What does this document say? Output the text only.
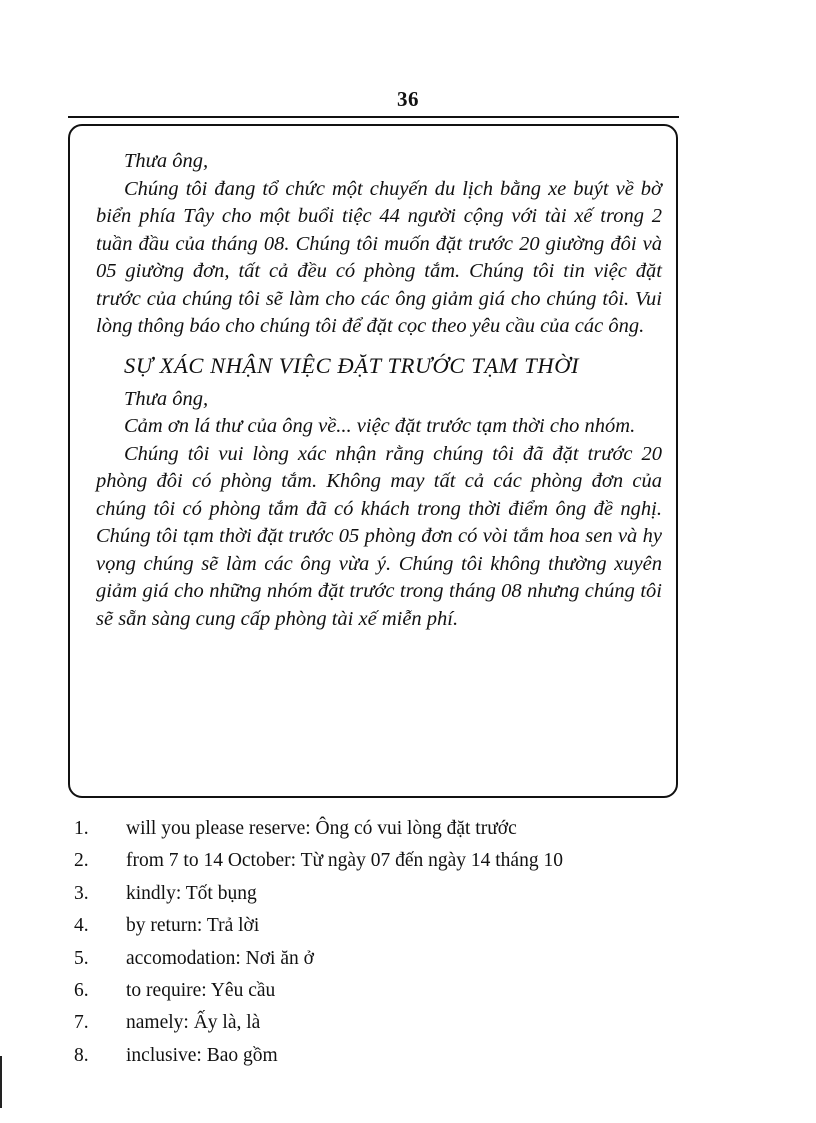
36

Thưa ông,

Chúng tôi đang tổ chức một chuyến du lịch bằng xe buýt về bờ biển phía Tây cho một buổi tiệc 44 người cộng với tài xế trong 2 tuần đầu của tháng 08. Chúng tôi muốn đặt trước 20 giường đôi và 05 giường đơn, tất cả đều có phòng tắm. Chúng tôi tin việc đặt trước của chúng tôi sẽ làm cho các ông giảm giá cho chúng tôi. Vui lòng thông báo cho chúng tôi để đặt cọc theo yêu cầu của các ông.

SỰ XÁC NHẬN VIỆC ĐẶT TRƯỚC TẠM THỜI

Thưa ông,

Cảm ơn lá thư của ông về... việc đặt trước tạm thời cho nhóm.

Chúng tôi vui lòng xác nhận rằng chúng tôi đã đặt trước 20 phòng đôi có phòng tắm. Không may tất cả các phòng đơn của chúng tôi có phòng tắm đã có khách trong thời điểm ông đề nghị. Chúng tôi tạm thời đặt trước 05 phòng đơn có vòi tắm hoa sen và hy vọng chúng sẽ làm các ông vừa ý. Chúng tôi không thường xuyên giảm giá cho những nhóm đặt trước trong tháng 08 nhưng chúng tôi sẽ sẵn sàng cung cấp phòng tài xế miễn phí.

1. will you please reserve: Ông có vui lòng đặt trước
2. from 7 to 14 October: Từ ngày 07 đến ngày 14 tháng 10
3. kindly: Tốt bụng
4. by return: Trả lời
5. accomodation: Nơi ăn ở
6. to require: Yêu cầu
7. namely: Ấy là, là
8. inclusive: Bao gồm
